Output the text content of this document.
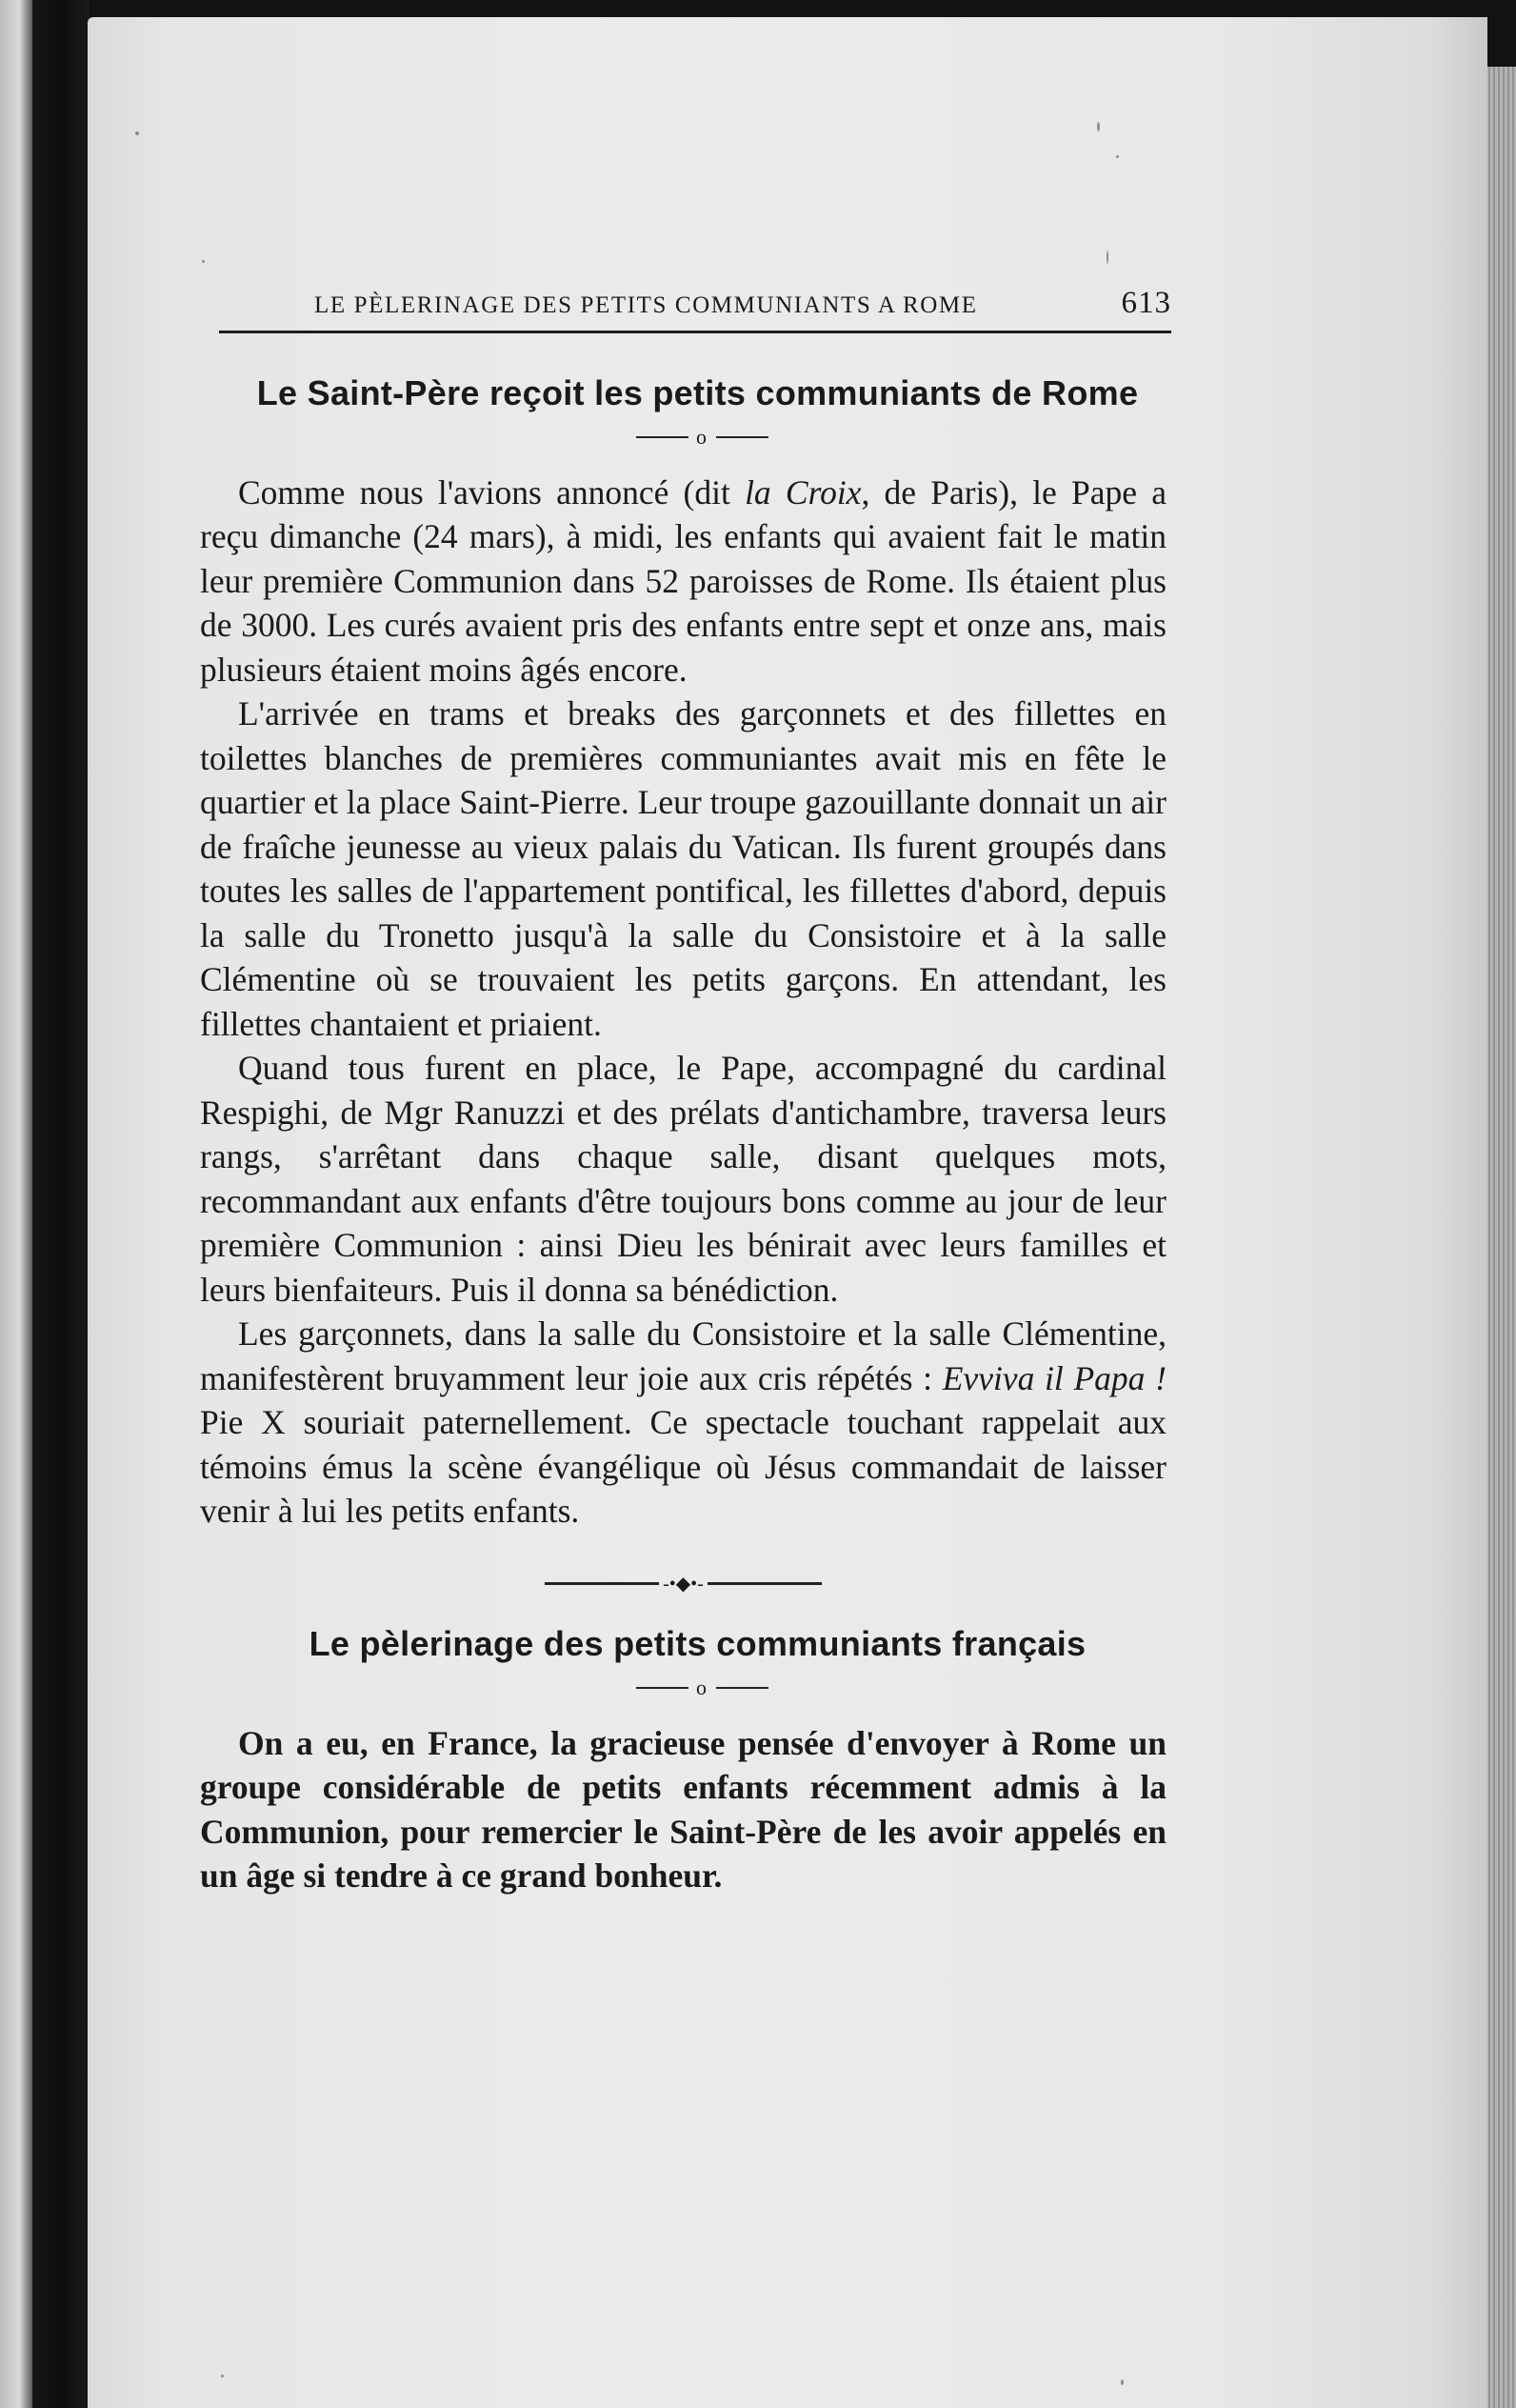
LE PÈLERINAGE DES PETITS COMMUNIANTS A ROME	613
Le Saint-Père reçoit les petits communiants de Rome
o

Comme nous l'avions annoncé (dit la Croix, de Paris), le Pape a reçu dimanche (24 mars), à midi, les enfants qui avaient fait le matin leur première Communion dans 52 paroisses de Rome. Ils étaient plus de 3000. Les curés avaient pris des enfants entre sept et onze ans, mais plusieurs étaient moins âgés encore.

L'arrivée en trams et breaks des garçonnets et des fillettes en toilettes blanches de premières communiantes avait mis en fête le quartier et la place Saint-Pierre. Leur troupe gazouillante donnait un air de fraîche jeunesse au vieux palais du Vatican. Ils furent groupés dans toutes les salles de l'appartement pontifical, les fillettes d'abord, depuis la salle du Tronetto jusqu'à la salle du Consistoire et à la salle Clémentine où se trouvaient les petits garçons. En attendant, les fillettes chantaient et priaient.

Quand tous furent en place, le Pape, accompagné du cardinal Respighi, de Mgr Ranuzzi et des prélats d'antichambre, traversa leurs rangs, s'arrêtant dans chaque salle, disant quelques mots, recommandant aux enfants d'être toujours bons comme au jour de leur première Communion : ainsi Dieu les bénirait avec leurs familles et leurs bienfaiteurs. Puis il donna sa bénédiction.

Les garçonnets, dans la salle du Consistoire et la salle Clémentine, manifestèrent bruyamment leur joie aux cris répétés : Evviva il Papa ! Pie X souriait paternellement. Ce spectacle touchant rappelait aux témoins émus la scène évangélique où Jésus commandait de laisser venir à lui les petits enfants.

-•◆•-
Le pèlerinage des petits communiants français
o

On a eu, en France, la gracieuse pensée d'envoyer à Rome un groupe considérable de petits enfants récemment admis à la Communion, pour remercier le Saint-Père de les avoir appelés en un âge si tendre à ce grand bonheur.
